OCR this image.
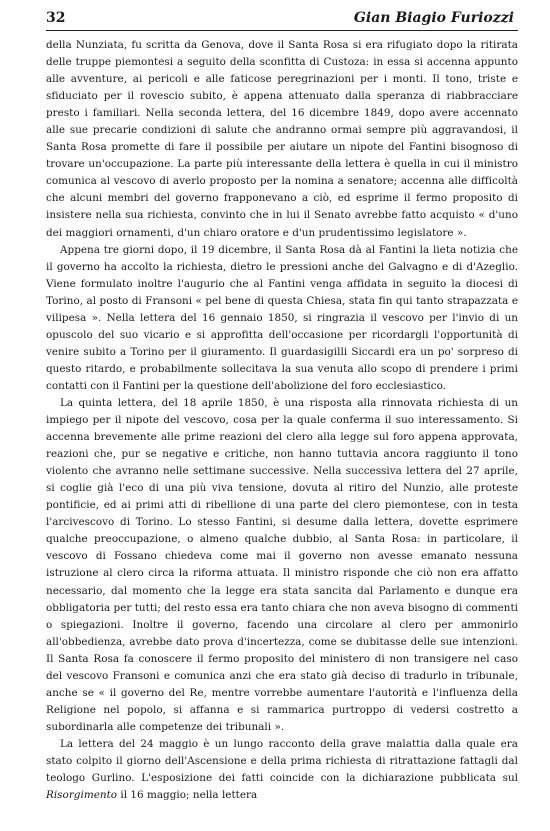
32	Gian Biagio Furiozzi

della Nunziata, fu scritta da Genova, dove il Santa Rosa si era rifugiato dopo la ritirata delle truppe piemontesi a seguito della sconfitta di Custoza: in essa si accenna appunto alle avventure, ai pericoli e alle faticose peregrinazioni per i monti. Il tono, triste e sfiduciato per il rovescio subito, è appena attenuato dalla speranza di riabbracciare presto i familiari. Nella seconda lettera, del 16 dicembre 1849, dopo avere accennato alle sue precarie condizioni di salute che andranno ormai sempre più aggravandosi, il Santa Rosa promette di fare il possibile per aiutare un nipote del Fantini bisognoso di trovare un'occupazione. La parte più interessante della lettera è quella in cui il ministro comunica al vescovo di averlo proposto per la nomina a senatore; accenna alle difficoltà che alcuni membri del governo frapponevano a ciò, ed esprime il fermo proposito di insistere nella sua richiesta, convinto che in lui il Senato avrebbe fatto acquisto « d'uno dei maggiori ornamenti, d'un chiaro oratore e d'un prudentissimo legislatore ».

Appena tre giorni dopo, il 19 dicembre, il Santa Rosa dà al Fantini la lieta notizia che il governo ha accolto la richiesta, dietro le pressioni anche del Galvagno e di d'Azeglio. Viene formulato inoltre l'augurio che al Fantini venga affidata in seguito la diocesi di Torino, al posto di Fransoni « pel bene di questa Chiesa, stata fin qui tanto strapazzata e vilipesa ». Nella lettera del 16 gennaio 1850, si ringrazia il vescovo per l'invio di un opuscolo del suo vicario e si approfitta dell'occasione per ricordargli l'opportunità di venire subito a Torino per il giuramento. Il guardasigilli Siccardi era un po' sorpreso di questo ritardo, e probabilmente sollecitava la sua venuta allo scopo di prendere i primi contatti con il Fantini per la questione dell'abolizione del foro ecclesiastico.

La quinta lettera, del 18 aprile 1850, è una risposta alla rinnovata richiesta di un impiego per il nipote del vescovo, cosa per la quale conferma il suo interessamento. Si accenna brevemente alle prime reazioni del clero alla legge sul foro appena approvata, reazioni che, pur se negative e critiche, non hanno tuttavia ancora raggiunto il tono violento che avranno nelle settimane successive. Nella successiva lettera del 27 aprile, si coglie già l'eco di una più viva tensione, dovuta al ritiro del Nunzio, alle proteste pontificie, ed ai primi atti di ribellione di una parte del clero piemontese, con in testa l'arcivescovo di Torino. Lo stesso Fantini, si desume dalla lettera, dovette esprimere qualche preoccupazione, o almeno qualche dubbio, al Santa Rosa: in particolare, il vescovo di Fossano chiedeva come mai il governo non avesse emanato nessuna istruzione al clero circa la riforma attuata. Il ministro risponde che ciò non era affatto necessario, dal momento che la legge era stata sancita dal Parlamento e dunque era obbligatoria per tutti; del resto essa era tanto chiara che non aveva bisogno di commenti o spiegazioni. Inoltre il governo, facendo una circolare al clero per ammonirlo all'obbedienza, avrebbe dato prova d'incertezza, come se dubitasse delle sue intenzioni. Il Santa Rosa fa conoscere il fermo proposito del ministero di non transigere nel caso del vescovo Fransoni e comunica anzi che era stato già deciso di tradurlo in tribunale, anche se « il governo del Re, mentre vorrebbe aumentare l'autorità e l'influenza della Religione nel popolo, si affanna e si rammarica purtroppo di vedersi costretto a subordinarla alle competenze dei tribunali ».

La lettera del 24 maggio è un lungo racconto della grave malattia dalla quale era stato colpito il giorno dell'Ascensione e della prima richiesta di ritrattazione fattagli dal teologo Gurlino. L'esposizione dei fatti coincide con la dichiarazione pubblicata sul Risorgimento il 16 maggio; nella lettera
